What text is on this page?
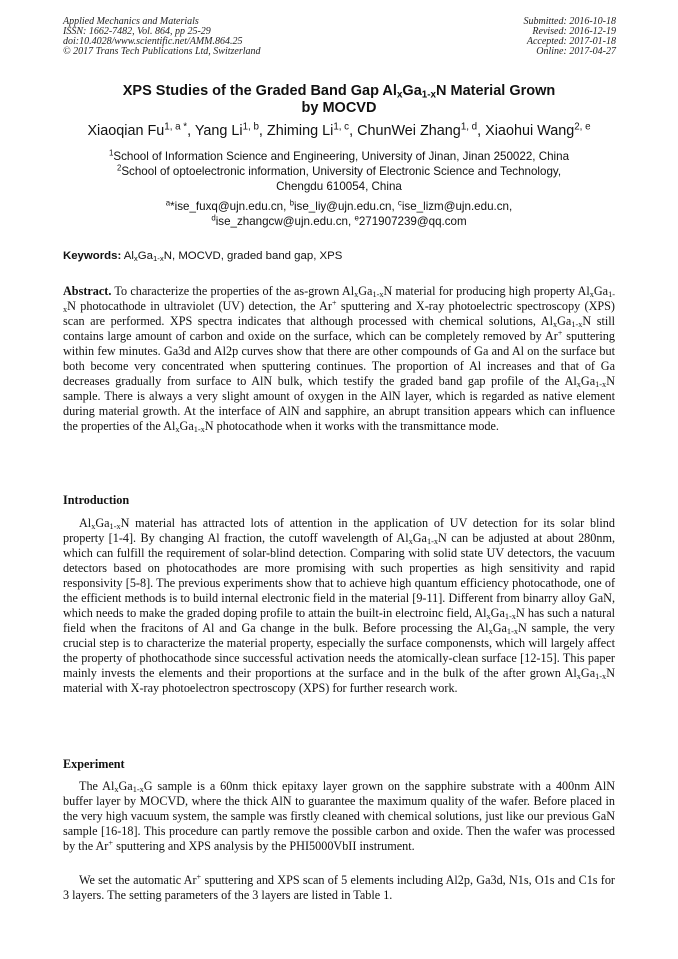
Applied Mechanics and Materials
ISSN: 1662-7482, Vol. 864, pp 25-29
doi:10.4028/www.scientific.net/AMM.864.25
© 2017 Trans Tech Publications Ltd, Switzerland
Submitted: 2016-10-18
Revised: 2016-12-19
Accepted: 2017-01-18
Online: 2017-04-27
XPS Studies of the Graded Band Gap $Al_xGa_{1-x}N$ Material Grown
by MOCVD
Xiaoqian $Fu^{1, a *}$, Yang Li$^{1, b}$, Zhiming Li$^{1, c}$, ChunWei Zhang$^{1, d}$, Xiaohui Wang$^{2, e}$
$^1$School of Information Science and Engineering, University of Jinan, Jinan 250022, China
$^2$School of optoelectronic information, University of Electronic Science and Technology,
Chengdu 610054, China
$^a$*ise_fuxq@ujn.edu.cn, $^b$ise_liy@ujn.edu.cn, $^c$ise_lizm@ujn.edu.cn,
$^d$ise_zhangcw@ujn.edu.cn, $^e$271907239@qq.com
Keywords: $Al_xGa_{1-x}N$, MOCVD, graded band gap, XPS

Abstract. To characterize the properties of the as-grown $Al_xGa_{1-x}N$ material for producing high property $Al_xGa_{1-x}N$ photocathode in ultraviolet (UV) detection, the Ar+ sputtering and X-ray photoelectric spectroscopy (XPS) scan are performed. XPS spectra indicates that although processed with chemical solutions, $Al_xGa_{1-x}N$ still contains large amount of carbon and oxide on the surface, which can be completely removed by Ar+ sputtering within few minutes. Ga3d and Al2p curves show that there are other compounds of Ga and Al on the surface but both become very concentrated when sputtering continues. The proportion of Al increases and that of Ga decreases gradually from surface to AlN bulk, which testify the graded band gap profile of the $Al_xGa_{1-x}N$ sample. There is always a very slight amount of oxygen in the AlN layer, which is regarded as native element during material growth. At the interface of AlN and sapphire, an abrupt transition appears which can influence the properties of the $Al_xGa_{1-x}N$ photocathode when it works with the transmittance mode.

Introduction

$Al_xGa_{1-x}N$ material has attracted lots of attention in the application of UV detection for its solar blind property [1-4]. By changing Al fraction, the cutoff wavelength of $Al_xGa_{1-x}N$ can be adjusted at about 280nm, which can fulfill the requirement of solar-blind detection. Comparing with solid state UV detectors, the vacuum detectors based on photocathodes are more promising with such properties as high sensitivity and rapid responsivity [5-8]. The previous experiments show that to achieve high quantum efficiency photocathode, one of the efficient methods is to build internal electronic field in the material [9-11]. Different from binarry alloy GaN, which needs to make the graded doping profile to attain the built-in electroinc field, $Al_xGa_{1-x}N$ has such a natural field when the fracitons of Al and Ga change in the bulk. Before processing the $Al_xGa_{1-x}N$ sample, the very crucial step is to characterize the material property, especially the surface componensts, which will largely affect the property of phothocathode since successful activation needs the atomically-clean surface [12-15]. This paper mainly invests the elements and their proportions at the surface and in the bulk of the after grown $Al_xGa_{1-x}N$ material with X-ray photoelectron spectroscopy (XPS) for further research work.

Experiment

The $Al_xGa_{1-x}G$ sample is a 60nm thick epitaxy layer grown on the sapphire substrate with a 400nm AlN buffer layer by MOCVD, where the thick AlN to guarantee the maximum quality of the wafer. Before placed in the very high vacuum system, the sample was firstly cleaned with chemical solutions, just like our previous GaN sample [16-18]. This procedure can partly remove the possible carbon and oxide. Then the wafer was processed by the Ar+ sputtering and XPS analysis by the PHI5000VbII instrument.

We set the automatic Ar+ sputtering and XPS scan of 5 elements including Al2p, Ga3d, N1s, O1s and C1s for 3 layers. The setting parameters of the 3 layers are listed in Table 1.
